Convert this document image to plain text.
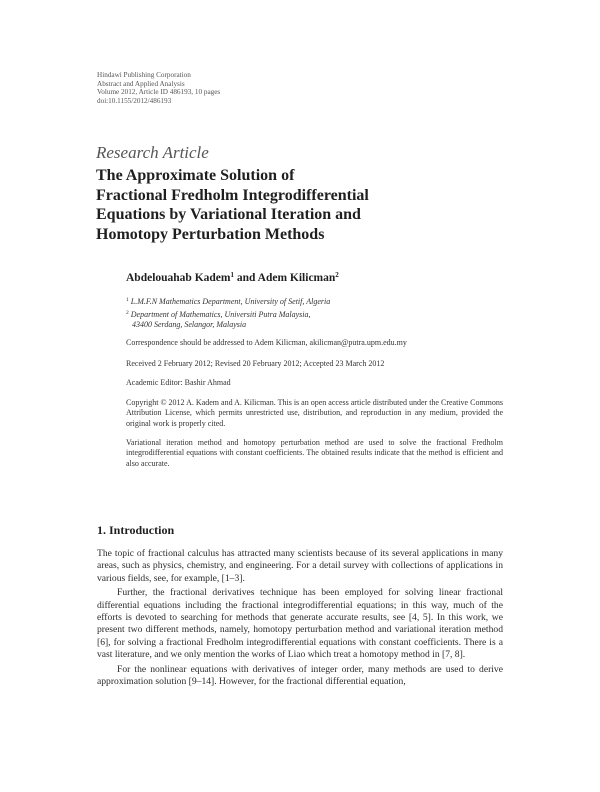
Hindawi Publishing Corporation
Abstract and Applied Analysis
Volume 2012, Article ID 486193, 10 pages
doi:10.1155/2012/486193
Research Article
The Approximate Solution of
Fractional Fredholm Integrodifferential
Equations by Variational Iteration and
Homotopy Perturbation Methods
Abdelouahab Kadem$^1$ and Adem Kilicman$^2$
$^1$ L.M.F.N Mathematics Department, University of Setif, Algeria
$^2$ Department of Mathematics, Universiti Putra Malaysia,
43400 Serdang, Selangor, Malaysia
Correspondence should be addressed to Adem Kilicman, akilicman@putra.upm.edu.my
Received 2 February 2012; Revised 20 February 2012; Accepted 23 March 2012
Academic Editor: Bashir Ahmad
Copyright © 2012 A. Kadem and A. Kilicman. This is an open access article distributed under the Creative Commons Attribution License, which permits unrestricted use, distribution, and reproduction in any medium, provided the original work is properly cited.
Variational iteration method and homotopy perturbation method are used to solve the fractional Fredholm integrodifferential equations with constant coefficients. The obtained results indicate that the method is efficient and also accurate.
1. Introduction

The topic of fractional calculus has attracted many scientists because of its several applications in many areas, such as physics, chemistry, and engineering. For a detail survey with collections of applications in various fields, see, for example, [1–3].

Further, the fractional derivatives technique has been employed for solving linear fractional differential equations including the fractional integrodifferential equations; in this way, much of the efforts is devoted to searching for methods that generate accurate results, see [4, 5]. In this work, we present two different methods, namely, homotopy perturbation method and variational iteration method [6], for solving a fractional Fredholm integrodifferential equations with constant coefficients. There is a vast literature, and we only mention the works of Liao which treat a homotopy method in [7, 8].

For the nonlinear equations with derivatives of integer order, many methods are used to derive approximation solution [9–14]. However, for the fractional differential equation,
